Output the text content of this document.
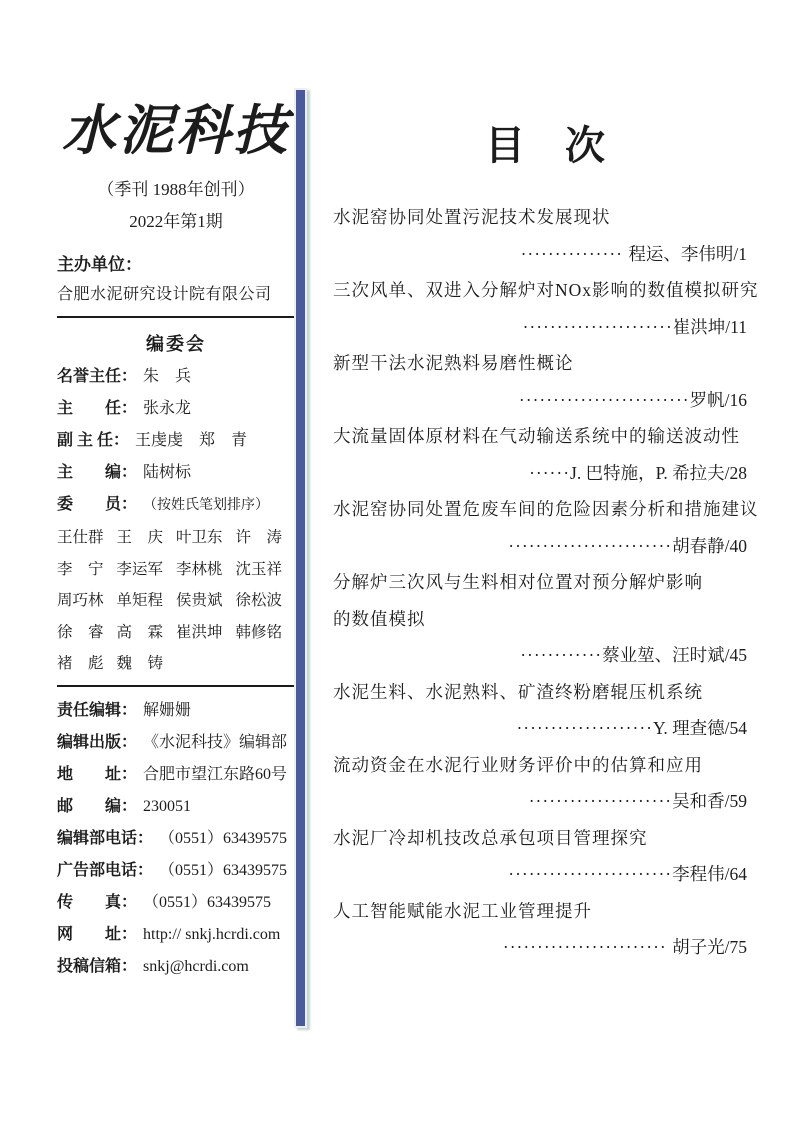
水泥科技
（季刊 1988年创刊）
2022年第1期
主办单位：
合肥水泥研究设计院有限公司
编委会
名誉主任： 朱　兵
主　　任： 张永龙
副 主 任： 王虔虔　郑　青
主　　编： 陆树标
委　　员： （按姓氏笔划排序）
王仕群 王　庆 叶卫东 许　涛
李　宁 李运军 李林桃 沈玉祥
周巧林 单矩程 侯贵斌 徐松波
徐　睿 高　霖 崔洪坤 韩修铭
褚　彪 魏　铸
责任编辑： 解姗姗
编辑出版： 《水泥科技》编辑部
地　　址： 合肥市望江东路60号
邮　　编： 230051
编辑部电话： （0551）63439575
广告部电话： （0551）63439575
传　　真： （0551）63439575
网　　址： http:// snkj.hcrdi.com
投稿信箱： snkj@hcrdi.com
目　次
水泥窑协同处置污泥技术发展现状
··············· 程运、李伟明/1
三次风单、双进入分解炉对NOx影响的数值模拟研究
······················崔洪坤/11
新型干法水泥熟料易磨性概论
·························罗帆/16
大流量固体原材料在气动输送系统中的输送波动性
······J. 巴特施，P. 希拉夫/28
水泥窑协同处置危废车间的危险因素分析和措施建议
························胡春静/40
分解炉三次风与生料相对位置对预分解炉影响
的数值模拟
············蔡业堃、汪时斌/45
水泥生料、水泥熟料、矿渣终粉磨辊压机系统
····················Y. 理查德/54
流动资金在水泥行业财务评价中的估算和应用
·····················吴和香/59
水泥厂冷却机技改总承包项目管理探究
························李程伟/64
人工智能赋能水泥工业管理提升
························ 胡子光/75
